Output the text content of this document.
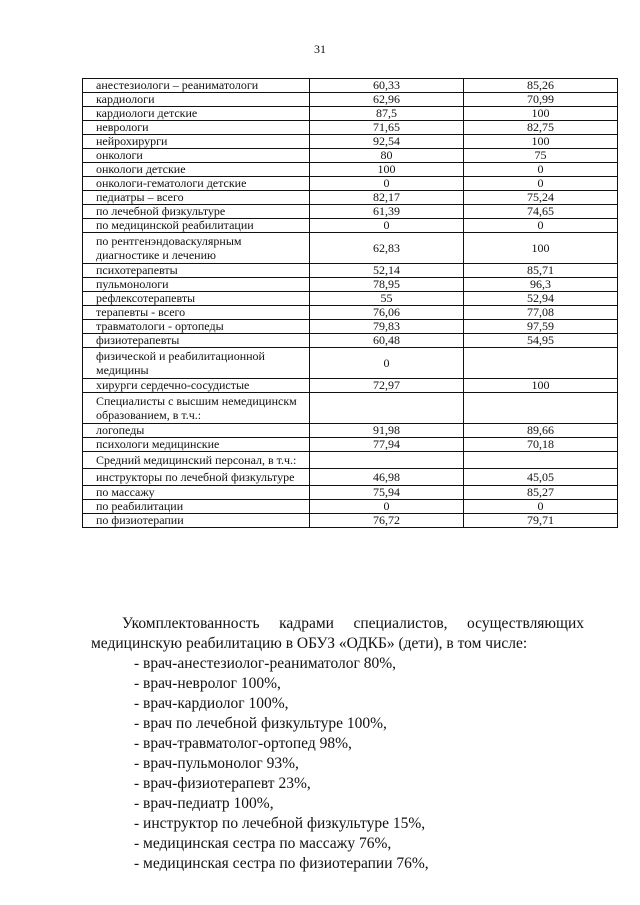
31
анестезиологи – реаниматологи	60,33	85,26
кардиологи	62,96	70,99
кардиологи детские	87,5	100
неврологи	71,65	82,75
нейрохирурги	92,54	100
онкологи	80	75
онкологи детские	100	0
онкологи-гематологи детские	0	0
педиатры – всего	82,17	75,24
по лечебной физкультуре	61,39	74,65
по медицинской реабилитации	0	0
по рентгенэндоваскулярным диагностике и лечению	62,83	100
психотерапевты	52,14	85,71
пульмонологи	78,95	96,3
рефлексотерапевты	55	52,94
терапевты - всего	76,06	77,08
травматологи - ортопеды	79,83	97,59
физиотерапевты	60,48	54,95
физической и реабилитационной медицины	0	
хирурги сердечно-сосудистые	72,97	100
Специалисты с высшим немедицинскм образованием, в т.ч.:		
логопеды	91,98	89,66
психологи медицинские	77,94	70,18
Средний медицинский персонал, в т.ч.:		
инструкторы по лечебной физкультуре	46,98	45,05
по массажу	75,94	85,27
по реабилитации	0	0
по физиотерапии	76,72	79,71

Укомплектованность кадрами специалистов, осуществляющих медицинскую реабилитацию в ОБУЗ «ОДКБ» (дети), в том числе:

- врач-анестезиолог-реаниматолог 80%,
- врач-невролог 100%,
- врач-кардиолог 100%,
- врач по лечебной физкультуре 100%,
- врач-травматолог-ортопед 98%,
- врач-пульмонолог 93%,
- врач-физиотерапевт 23%,
- врач-педиатр 100%,
- инструктор по лечебной физкультуре 15%,
- медицинская сестра по массажу 76%,
- медицинская сестра по физиотерапии 76%,
